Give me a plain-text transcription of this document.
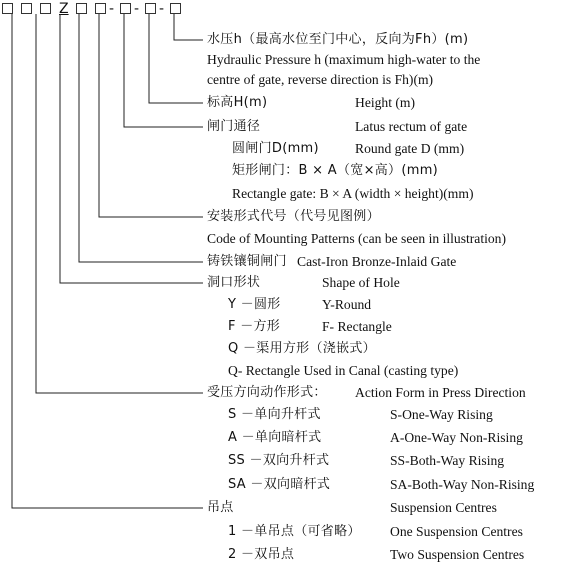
Z	- - -
水压h（最高水位至门中心，反向为Fh）(m)
Hydraulic Pressure h (maximum high-water to the
centre of gate, reverse direction is Fh)(m)
标高H(m)	Height (m)
闸门通径	Latus rectum of gate
圆闸门D(mm)	Round gate D (mm)
矩形闸门：B × A（宽×高）(mm)
Rectangle gate: B × A (width × height)(mm)
安装形式代号（代号见图例）
Code of Mounting Patterns (can be seen in illustration)
铸铁镶铜闸门 Cast-Iron Bronze-Inlaid Gate
洞口形状	Shape of Hole
Y －圆形	Y-Round
F －方形	F- Rectangle
Q －渠用方形（浇嵌式）
Q- Rectangle Used in Canal (casting type)
受压方向动作形式： Action Form in Press Direction
S －单向升杆式	S-One-Way Rising
A －单向暗杆式	A-One-Way Non-Rising
SS －双向升杆式	SS-Both-Way Rising
SA －双向暗杆式	SA-Both-Way Non-Rising
吊点	Suspension Centres
1 －单吊点（可省略） One Suspension Centres
2 －双吊点	Two Suspension Centres
